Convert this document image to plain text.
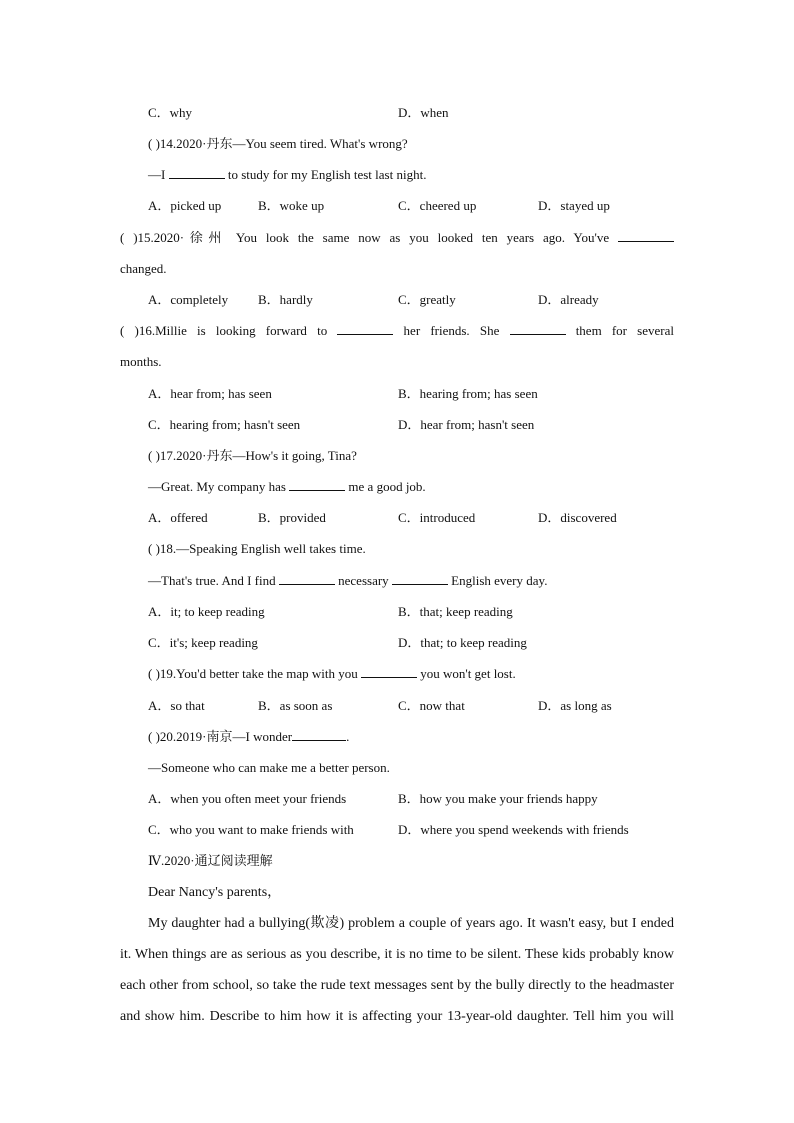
C．why	D．when
( )14.2020·丹东—You seem tired. What's wrong?
—I	to study for my English test last night.
A．picked up	B．woke up	C．cheered up	D．stayed up
( )15.2020·徐州 You look the same now as you looked ten years ago. You've
changed.
A．completely B．hardly	C．greatly	D．already
( )16.Millie is looking forward to	her friends. She	them for several
months.
A．hear from; has seen	B．hearing from; has seen
C．hearing from; hasn't seen	D．hear from; hasn't seen
( )17.2020·丹东—How's it going, Tina?
—Great. My company has	me a good job.
A．offered	B．provided	C．introduced	D．discovered
( )18.—Speaking English well takes time.
—That's true. And I find	necessary	English every day.
A．it; to keep reading	B．that; keep reading
C．it's; keep reading	D．that; to keep reading
( )19.You'd better take the map with you	you won't get lost.
A．so that	B．as soon as	C．now that	D．as long as
( )20.2019·南京—I wonder	.
—Someone who can make me a better person.
A．when you often meet your friends	B．how you make your friends happy
C．who you want to make friends with	D．where you spend weekends with friends
Ⅳ.2020·通辽阅读理解
Dear Nancy's parents，
My daughter had a bullying(欺凌) problem a couple of years ago. It wasn't easy, but I ended
it. When things are as serious as you describe, it is no time to be silent. These kids probably know
each other from school, so take the rude text messages sent by the bully directly to the headmaster
and show him. Describe to him how it is affecting your 13-year-old daughter. Tell him you will
